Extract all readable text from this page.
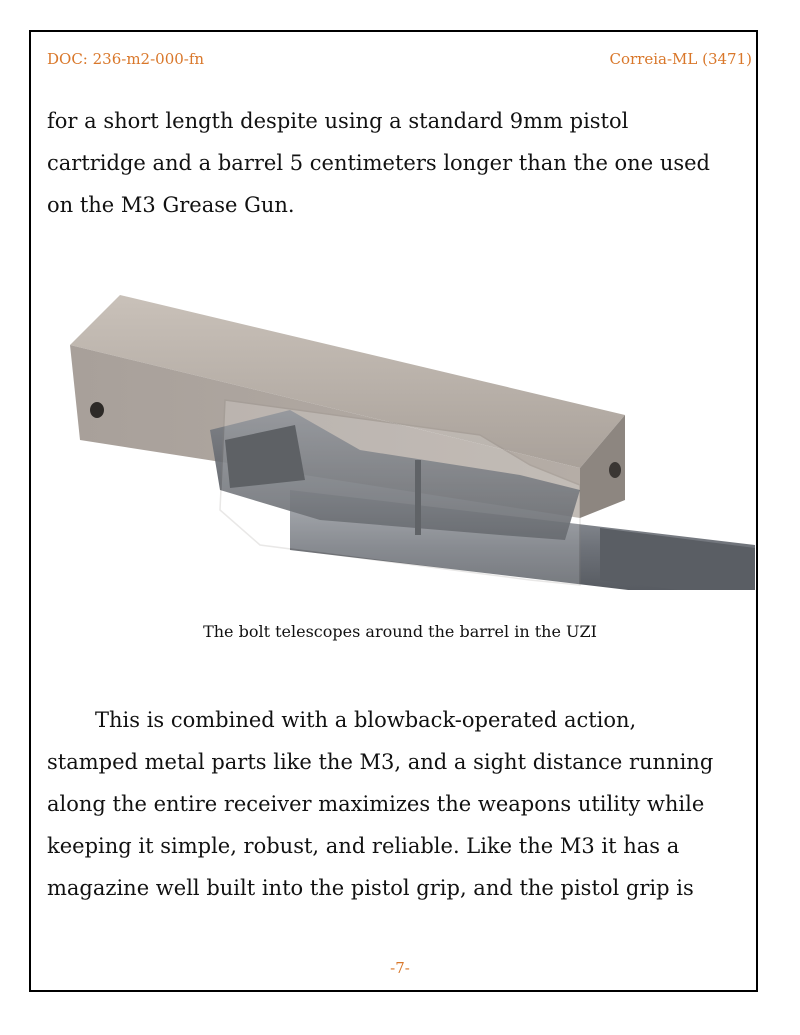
DOC: 236-m2-000-fn	Correia-ML (3471)

for a short length despite using a standard 9mm pistol
cartridge and a barrel 5 centimeters longer than the one used
on the M3 Grease Gun.

The bolt telescopes around the barrel in the UZI

This is combined with a blowback-operated action,
stamped metal parts like the M3, and a sight distance running
along the entire receiver maximizes the weapons utility while
keeping it simple, robust, and reliable. Like the M3 it has a
magazine well built into the pistol grip, and the pistol grip is

-7-
